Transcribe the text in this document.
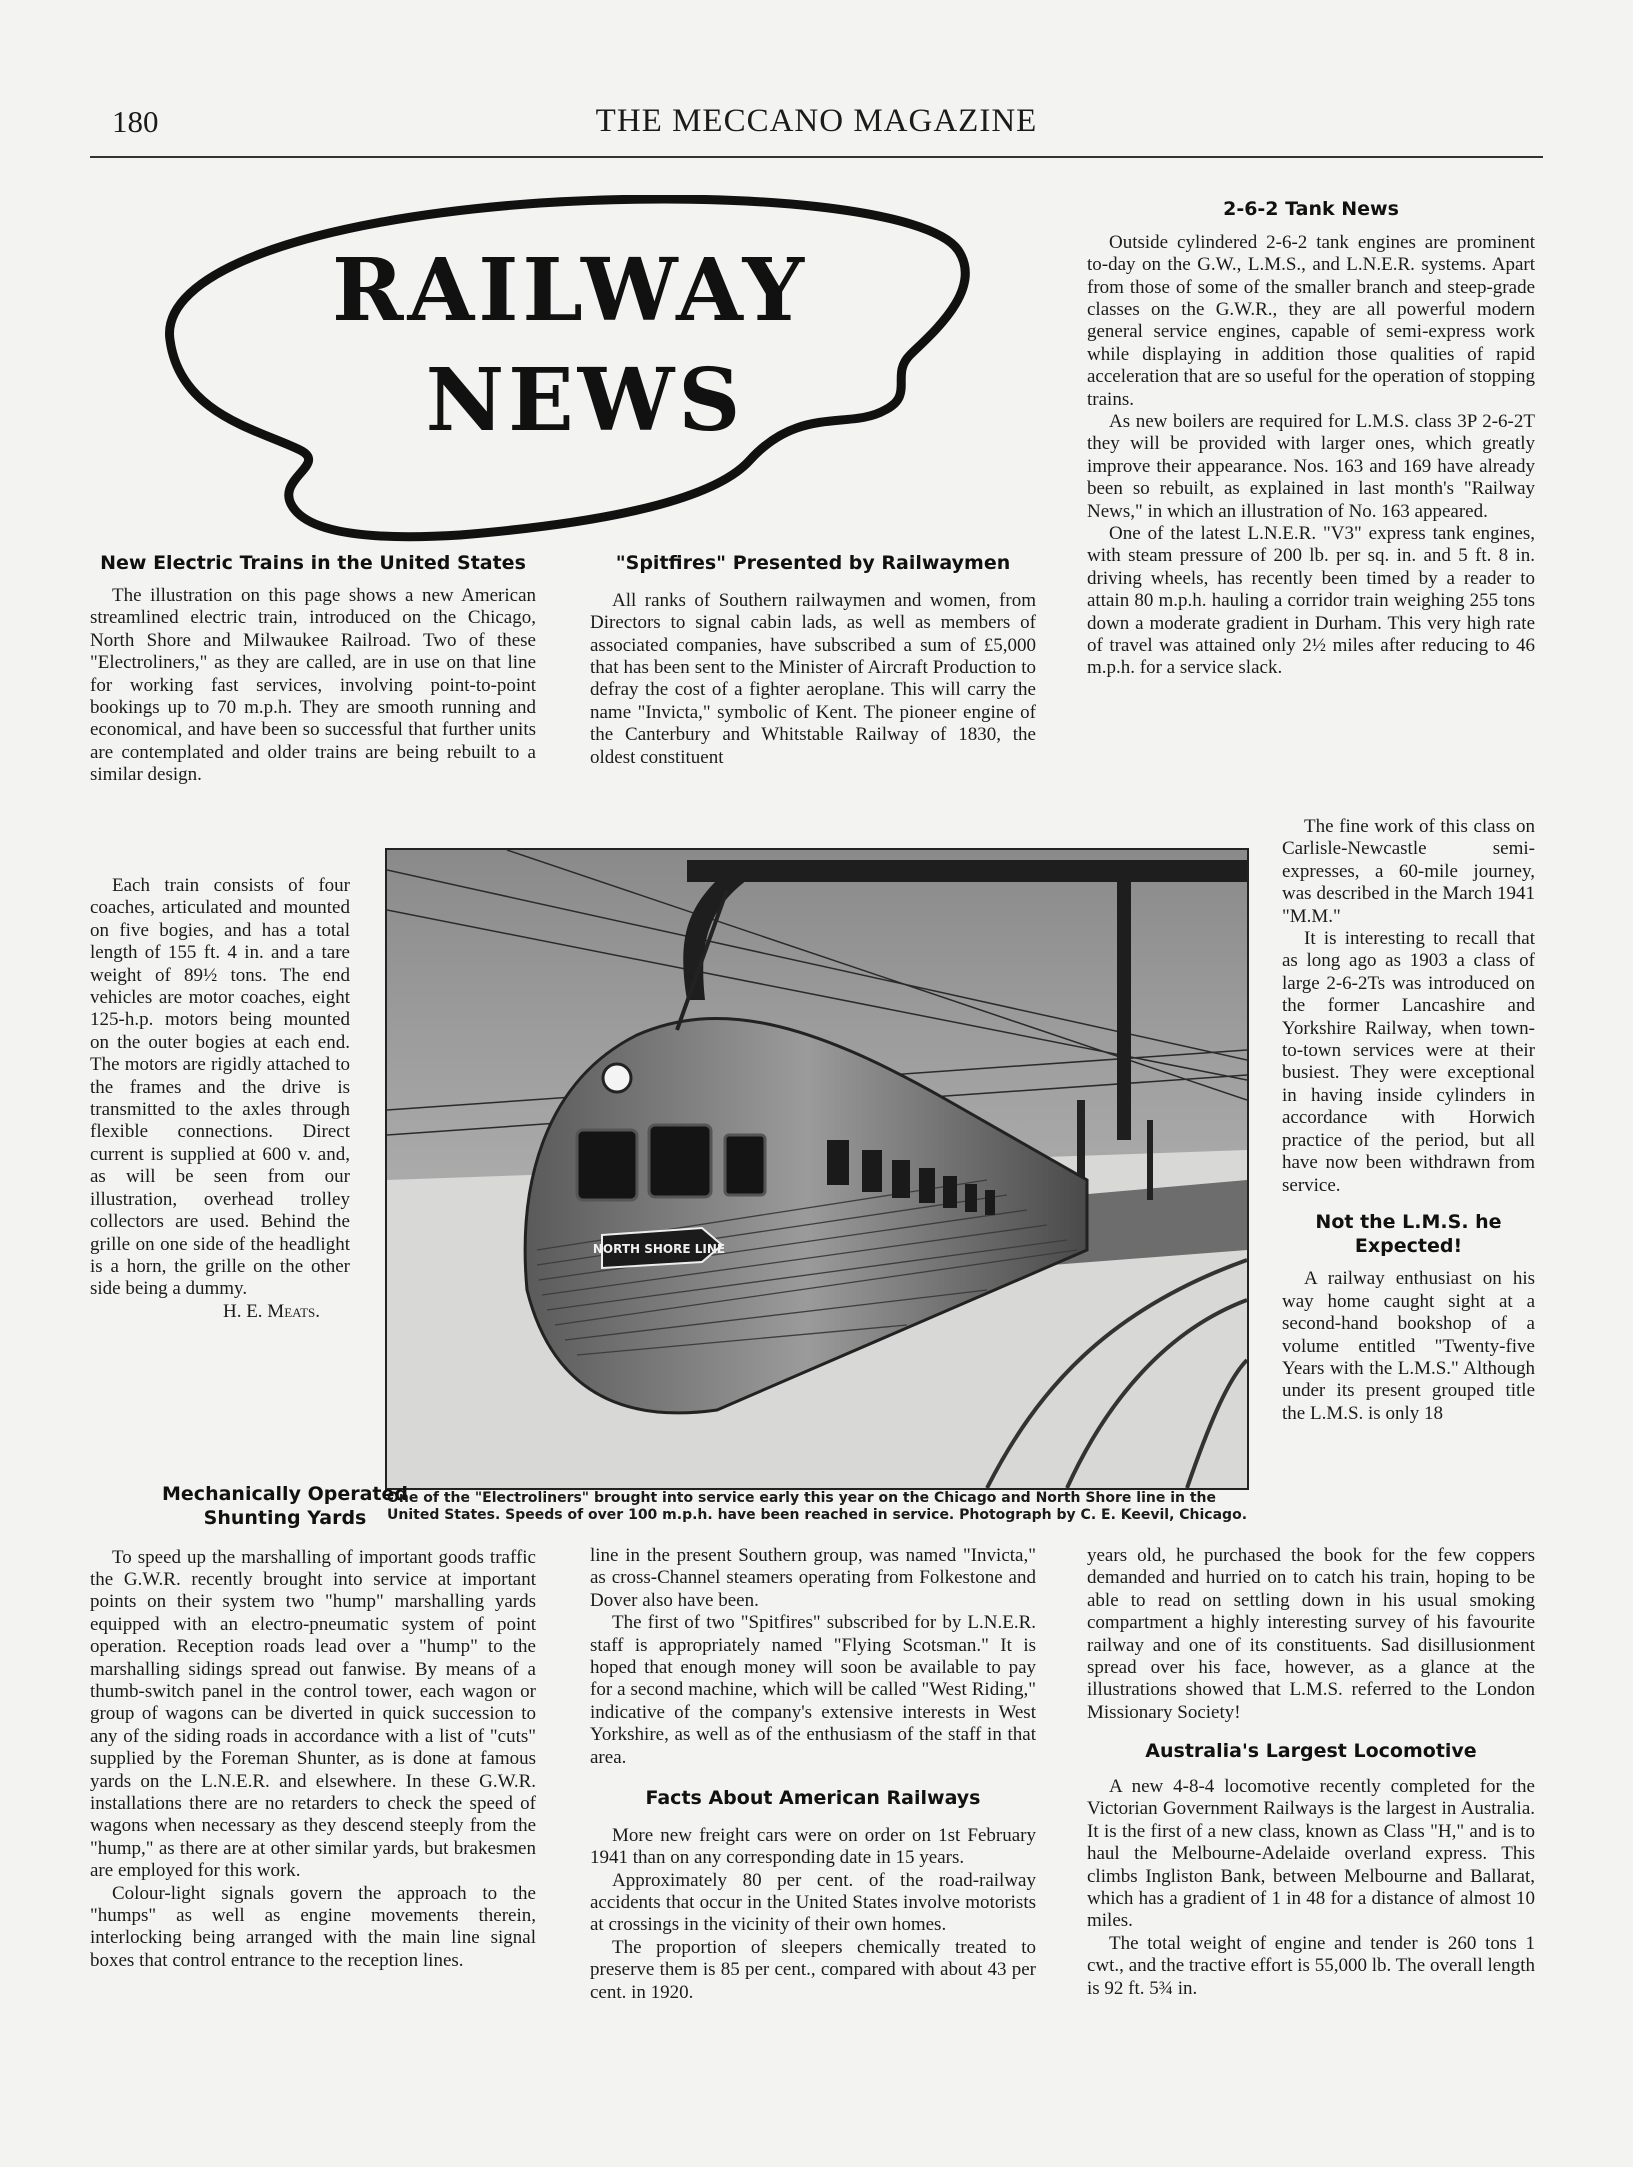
180	THE MECCANO MAGAZINE
RAILWAY
NEWS
New Electric Trains in the United States

The illustration on this page shows a new American streamlined electric train, introduced on the Chicago, North Shore and Milwaukee Railroad. Two of these "Electroliners," as they are called, are in use on that line for working fast services, involving point-to-point bookings up to 70 m.p.h. They are smooth running and economical, and have been so successful that further units are contemplated and older trains are being rebuilt to a similar design.

Each train consists of four coaches, articulated and mounted on five bogies, and has a total length of 155 ft. 4 in. and a tare weight of 89½ tons. The end vehicles are motor coaches, eight 125-h.p. motors being mounted on the outer bogies at each end. The motors are rigidly attached to the frames and the drive is transmitted to the axles through flexible connections. Direct current is supplied at 600 v. and, as will be seen from our illustration, overhead trolley collectors are used. Behind the grille on one side of the headlight is a horn, the grille on the other side being a dummy.

H. E. Meats.

"Spitfires" Presented by Railwaymen

All ranks of Southern railwaymen and women, from Directors to signal cabin lads, as well as members of associated companies, have subscribed a sum of £5,000 that has been sent to the Minister of Aircraft Production to defray the cost of a fighter aeroplane. This will carry the name "Invicta," symbolic of Kent. The pioneer engine of the Canterbury and Whitstable Railway of 1830, the oldest constituent

2-6-2 Tank News

Outside cylindered 2-6-2 tank engines are prominent to-day on the G.W., L.M.S., and L.N.E.R. systems. Apart from those of some of the smaller branch and steep-grade classes on the G.W.R., they are all powerful modern general service engines, capable of semi-express work while displaying in addition those qualities of rapid acceleration that are so useful for the operation of stopping trains.

As new boilers are required for L.M.S. class 3P 2-6-2T they will be provided with larger ones, which greatly improve their appearance. Nos. 163 and 169 have already been so rebuilt, as explained in last month's "Railway News," in which an illustration of No. 163 appeared.

One of the latest L.N.E.R. "V3" express tank engines, with steam pressure of 200 lb. per sq. in. and 5 ft. 8 in. driving wheels, has recently been timed by a reader to attain 80 m.p.h. hauling a corridor train weighing 255 tons down a moderate gradient in Durham. This very high rate of travel was attained only 2½ miles after reducing to 46 m.p.h. for a service slack.

The fine work of this class on Carlisle-Newcastle semi-expresses, a 60-mile journey, was described in the March 1941 "M.M."

It is interesting to recall that as long ago as 1903 a class of large 2-6-2Ts was introduced on the former Lancashire and Yorkshire Railway, when town-to-town services were at their busiest. They were exceptional in having inside cylinders in accordance with Horwich practice of the period, but all have now been withdrawn from service.

Not the L.M.S. he Expected!

A railway enthusiast on his way home caught sight at a second-hand bookshop of a volume entitled "Twenty-five Years with the L.M.S." Although under its present grouped title the L.M.S. is only 18

NORTH SHORE LINE
One of the "Electroliners" brought into service early this year on the Chicago and North Shore line in the United States. Speeds of over 100 m.p.h. have been reached in service. Photograph by C. E. Keevil, Chicago.
Mechanically Operated Shunting Yards

To speed up the marshalling of important goods traffic the G.W.R. recently brought into service at important points on their system two "hump" marshalling yards equipped with an electro-pneumatic system of point operation. Reception roads lead over a "hump" to the marshalling sidings spread out fanwise. By means of a thumb-switch panel in the control tower, each wagon or group of wagons can be diverted in quick succession to any of the siding roads in accordance with a list of "cuts" supplied by the Foreman Shunter, as is done at famous yards on the L.N.E.R. and elsewhere. In these G.W.R. installations there are no retarders to check the speed of wagons when necessary as they descend steeply from the "hump," as there are at other similar yards, but brakesmen are employed for this work.

Colour-light signals govern the approach to the "humps" as well as engine movements therein, interlocking being arranged with the main line signal boxes that control entrance to the reception lines.

line in the present Southern group, was named "Invicta," as cross-Channel steamers operating from Folkestone and Dover also have been.

The first of two "Spitfires" subscribed for by L.N.E.R. staff is appropriately named "Flying Scotsman." It is hoped that enough money will soon be available to pay for a second machine, which will be called "West Riding," indicative of the company's extensive interests in West Yorkshire, as well as of the enthusiasm of the staff in that area.

Facts About American Railways

More new freight cars were on order on 1st February 1941 than on any corresponding date in 15 years.

Approximately 80 per cent. of the road-railway accidents that occur in the United States involve motorists at crossings in the vicinity of their own homes.

The proportion of sleepers chemically treated to preserve them is 85 per cent., compared with about 43 per cent. in 1920.

years old, he purchased the book for the few coppers demanded and hurried on to catch his train, hoping to be able to read on settling down in his usual smoking compartment a highly interesting survey of his favourite railway and one of its constituents. Sad disillusionment spread over his face, however, as a glance at the illustrations showed that L.M.S. referred to the London Missionary Society!

Australia's Largest Locomotive

A new 4-8-4 locomotive recently completed for the Victorian Government Railways is the largest in Australia. It is the first of a new class, known as Class "H," and is to haul the Melbourne-Adelaide overland express. This climbs Ingliston Bank, between Melbourne and Ballarat, which has a gradient of 1 in 48 for a distance of almost 10 miles.

The total weight of engine and tender is 260 tons 1 cwt., and the tractive effort is 55,000 lb. The overall length is 92 ft. 5¾ in.
